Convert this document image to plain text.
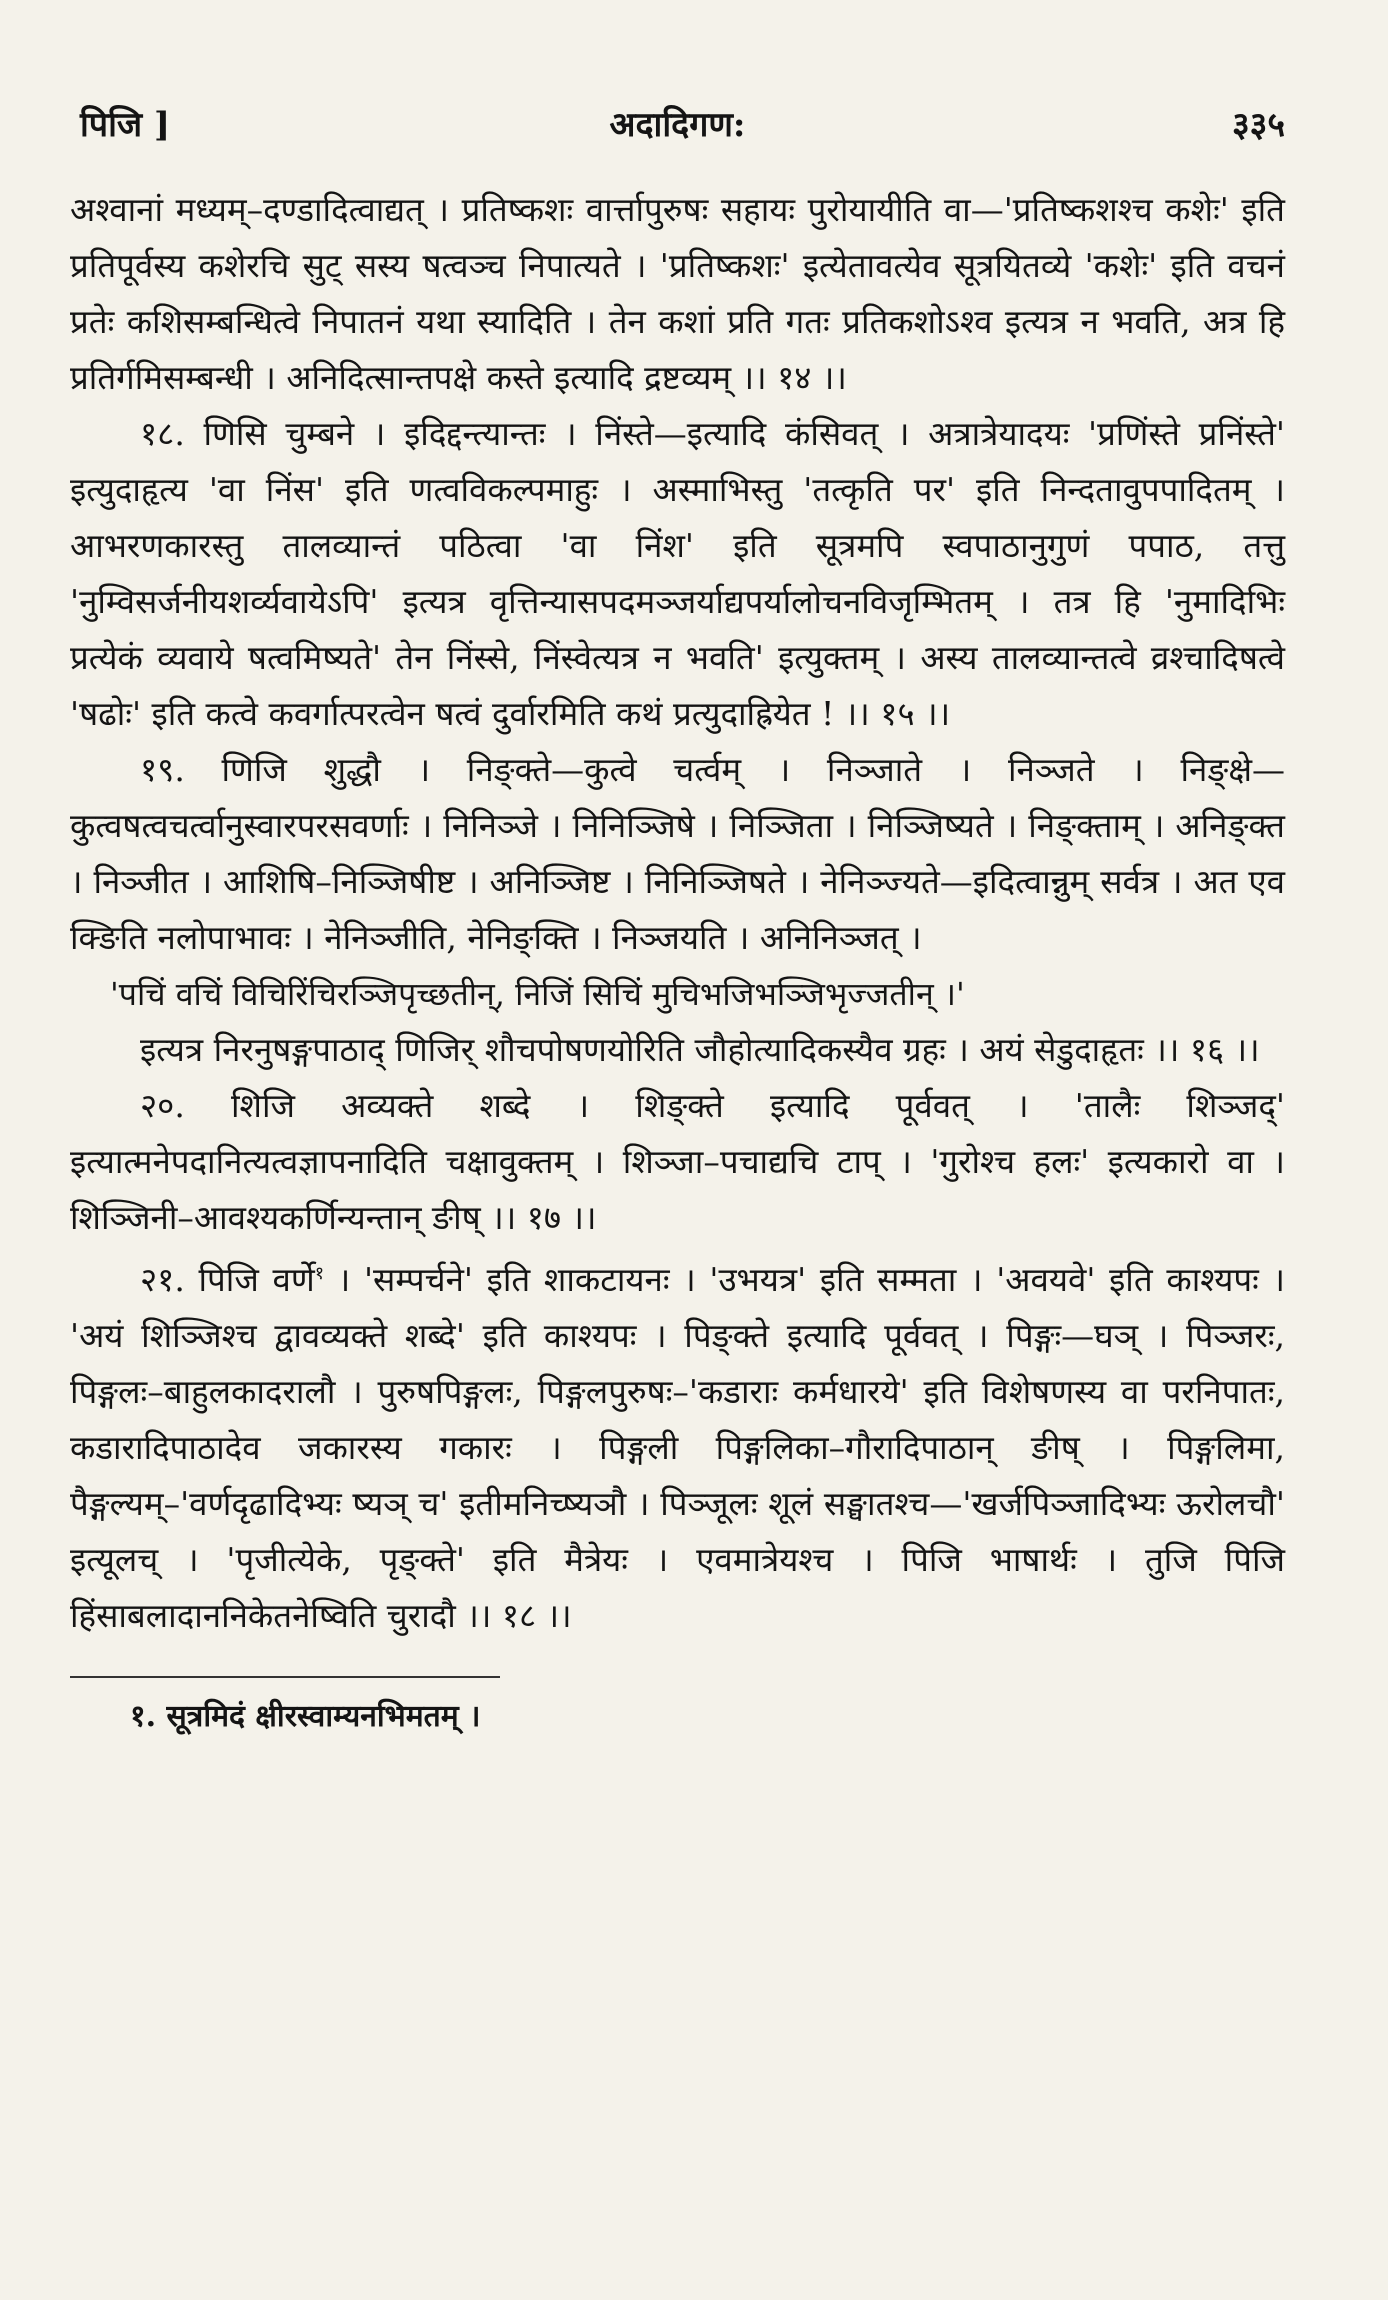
पिजि ]	अदादिगण:	३३५

अश्वानां मध्यम्–दण्डादित्वाद्यत् । प्रतिष्कशः वार्त्तापुरुषः सहायः पुरोयायीति वा—'प्रतिष्कशश्च कशेः' इति प्रतिपूर्वस्य कशेरचि सुट् सस्य षत्वञ्च निपात्यते । 'प्रतिष्कशः' इत्येतावत्येव सूत्रयितव्ये 'कशेः' इति वचनं प्रतेः कशिसम्बन्धित्वे निपातनं यथा स्यादिति । तेन कशां प्रति गतः प्रतिकशोऽश्व इत्यत्र न भवति, अत्र हि प्रतिर्गमिसम्बन्धी । अनिदित्सान्तपक्षे कस्ते इत्यादि द्रष्टव्यम् ।। १४ ।।

१८. णिसि चुम्बने । इदिद्दन्त्यान्तः । निंस्ते—इत्यादि कंसिवत् । अत्रात्रेयादयः 'प्रणिंस्ते प्रनिंस्ते' इत्युदाहृत्य 'वा निंस' इति णत्वविकल्पमाहुः । अस्माभिस्तु 'तत्कृति पर' इति निन्दतावुपपादितम् । आभरणकारस्तु तालव्यान्तं पठित्वा 'वा निंश' इति सूत्रमपि स्वपाठानुगुणं पपाठ, तत्तु 'नुम्विसर्जनीयशर्व्यवायेऽपि' इत्यत्र वृत्तिन्यासपदमञ्जर्याद्यपर्यालोचनविजृम्भितम् । तत्र हि 'नुमादिभिः प्रत्येकं व्यवाये षत्वमिष्यते' तेन निंस्से, निंस्वेत्यत्र न भवति' इत्युक्तम् । अस्य तालव्यान्तत्वे व्रश्चादिषत्वे 'षढोः' इति कत्वे कवर्गात्परत्वेन षत्वं दुर्वारमिति कथं प्रत्युदाह्रियेत ! ।। १५ ।।

१९. णिजि शुद्धौ । निङ्क्ते—कुत्वे चर्त्वम् । निञ्जाते । निञ्जते । निङ्क्षे—कुत्वषत्वचर्त्वानुस्वारपरसवर्णाः । निनिञ्जे । निनिञ्जिषे । निञ्जिता । निञ्जिष्यते । निङ्क्ताम् । अनिङ्क्त । निञ्जीत । आशिषि–निञ्जिषीष्ट । अनिञ्जिष्ट । निनिञ्जिषते । नेनिञ्ज्यते—इदित्वान्नुम् सर्वत्र । अत एव क्ङिति नलोपाभावः । नेनिञ्जीति, नेनिङ्क्ति । निञ्जयति । अनिनिञ्जत् ।

'पचिं वचिं विचिरिंचिरञ्जिपृच्छतीन्, निजिं सिचिं मुचिभजिभञ्जिभृज्जतीन् ।'

इत्यत्र निरनुषङ्गपाठाद् णिजिर् शौचपोषणयोरिति जौहोत्यादिकस्यैव ग्रहः । अयं सेडुदाहृतः ।। १६ ।।

२०. शिजि अव्यक्ते शब्दे । शिङ्क्ते इत्यादि पूर्ववत् । 'तालैः शिञ्जद्' इत्यात्मनेपदानित्यत्वज्ञापनादिति चक्षावुक्तम् । शिञ्जा–पचाद्यचि टाप् । 'गुरोश्च हलः' इत्यकारो वा । शिञ्जिनी–आवश्यकर्णिन्यन्तान् ङीष् ।। १७ ।।

२१. पिजि वर्णे$^१$ । 'सम्पर्चने' इति शाकटायनः । 'उभयत्र' इति सम्मता । 'अवयवे' इति काश्यपः । 'अयं शिञ्जिश्च द्वावव्यक्ते शब्दे' इति काश्यपः । पिङ्क्ते इत्यादि पूर्ववत् । पिङ्गः—घञ् । पिञ्जरः, पिङ्गलः–बाहुलकादरालौ । पुरुषपिङ्गलः, पिङ्गलपुरुषः–'कडाराः कर्मधारये' इति विशेषणस्य वा परनिपातः, कडारादिपाठादेव जकारस्य गकारः । पिङ्गली पिङ्गलिका–गौरादिपाठान् ङीष् । पिङ्गलिमा, पैङ्गल्यम्–'वर्णदृढादिभ्यः ष्यञ् च' इतीमनिच्ष्यञौ । पिञ्जूलः शूलं सङ्घातश्च—'खर्जपिञ्जादिभ्यः ऊरोलचौ' इत्यूलच् । 'पृजीत्येके, पृङ्क्ते' इति मैत्रेयः । एवमात्रेयश्च । पिजि भाषार्थः । तुजि पिजि हिंसाबलादाननिकेतनेष्विति चुरादौ ।। १८ ।।

१. सूत्रमिदं क्षीरस्वाम्यनभिमतम् ।
